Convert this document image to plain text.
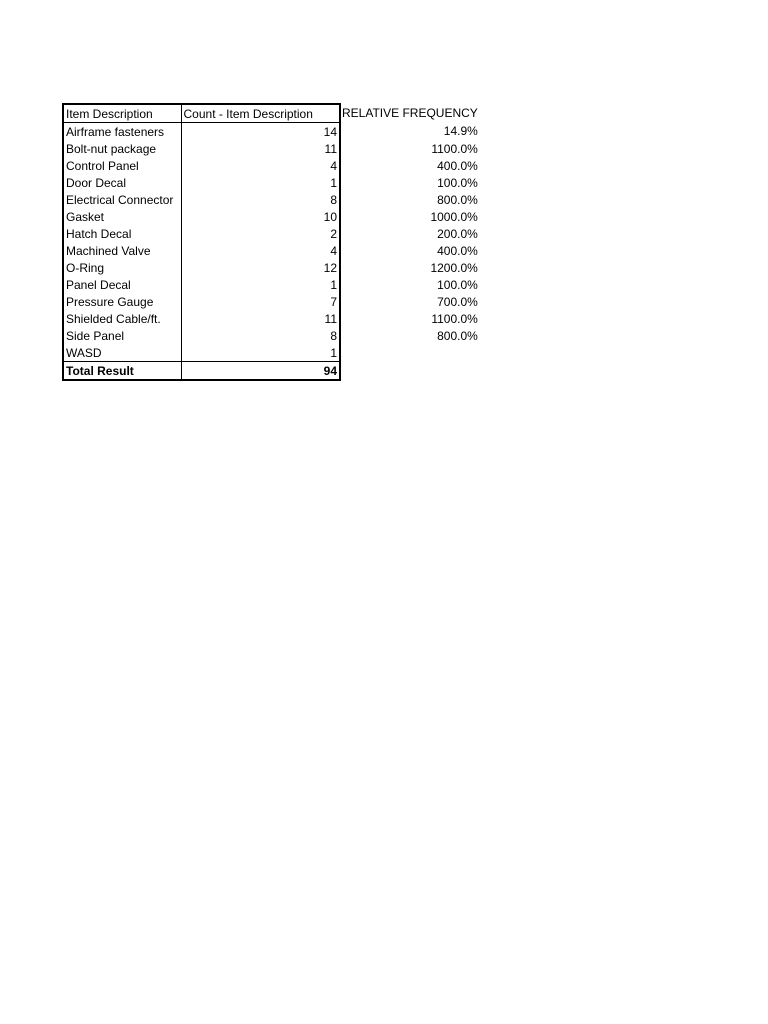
Item Description	Count - Item Description	RELATIVE FREQUENCY	
Airframe fasteners	14	14.9%	
Bolt-nut package	11	1100.0%	
Control Panel	4	400.0%	
Door Decal	1	100.0%	
Electrical Connector	8	800.0%	
Gasket	10	1000.0%	
Hatch Decal	2	200.0%	
Machined Valve	4	400.0%	
O-Ring	12	1200.0%	
Panel Decal	1	100.0%	
Pressure Gauge	7	700.0%	
Shielded Cable/ft.	11	1100.0%	
Side Panel	8	800.0%	
WASD	1		
Total Result	94		
